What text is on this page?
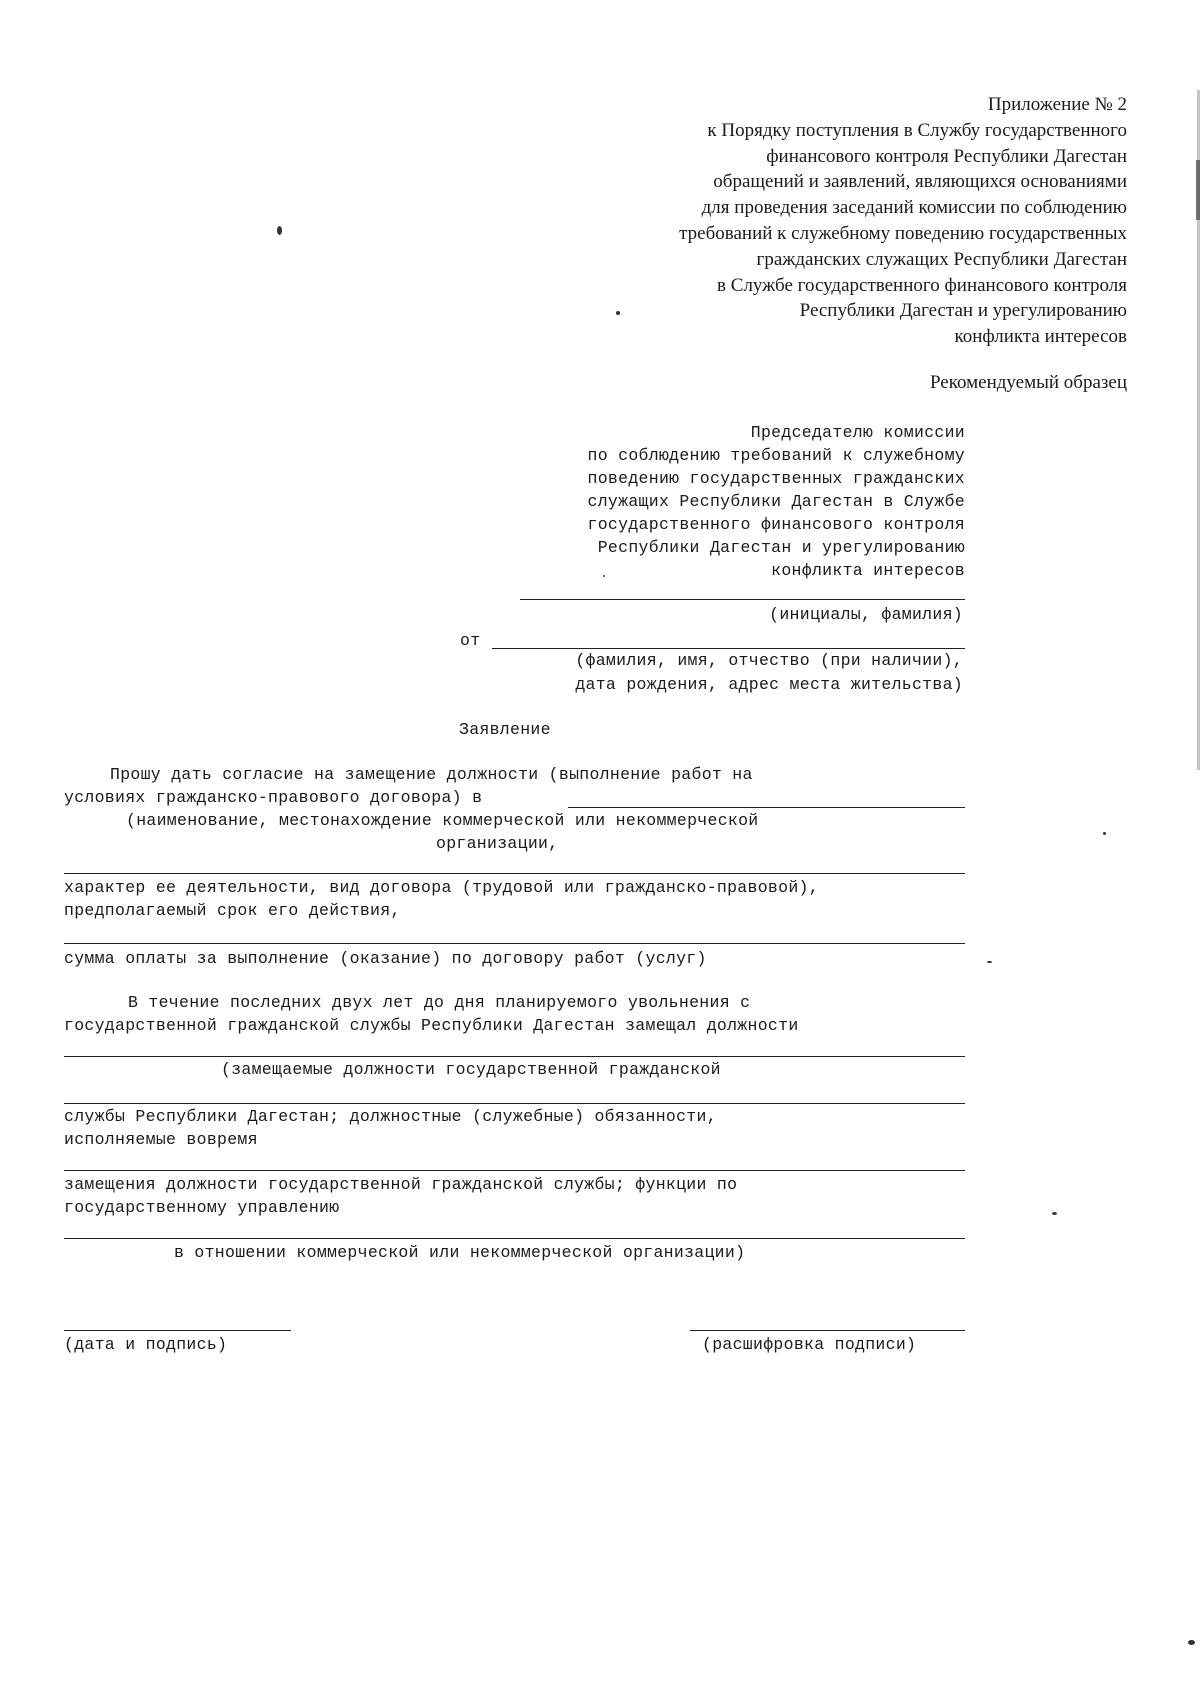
Приложение № 2
к Порядку поступления в Службу государственного
финансового контроля Республики Дагестан
обращений и заявлений, являющихся основаниями
для проведения заседаний комиссии по соблюдению
требований к служебному поведению государственных
гражданских служащих Республики Дагестан
в Службе государственного финансового контроля
Республики Дагестан и урегулированию
конфликта интересов
Рекомендуемый образец
Председателю комиссии
по соблюдению требований к служебному
поведению государственных гражданских
служащих Республики Дагестан в Службе
государственного финансового контроля
Республики Дагестан и урегулированию
конфликта интересов
(инициалы, фамилия)
от
(фамилия, имя, отчество (при наличии),
дата рождения, адрес места жительства)
Заявление
Прошу дать согласие на замещение должности (выполнение работ на
условиях гражданско-правового договора) в
(наименование, местонахождение коммерческой или некоммерческой
организации,
характер ее деятельности, вид договора (трудовой или гражданско-правовой),
предполагаемый срок его действия,
сумма оплаты за выполнение (оказание) по договору работ (услуг)
В течение последних двух лет до дня планируемого увольнения с
государственной гражданской службы Республики Дагестан замещал должности
(замещаемые должности государственной гражданской
службы Республики Дагестан; должностные (служебные) обязанности,
исполняемые вовремя
замещения должности государственной гражданской службы; функции по
государственному управлению
в отношении коммерческой или некоммерческой организации)
(дата и подпись)	(расшифровка подписи)
